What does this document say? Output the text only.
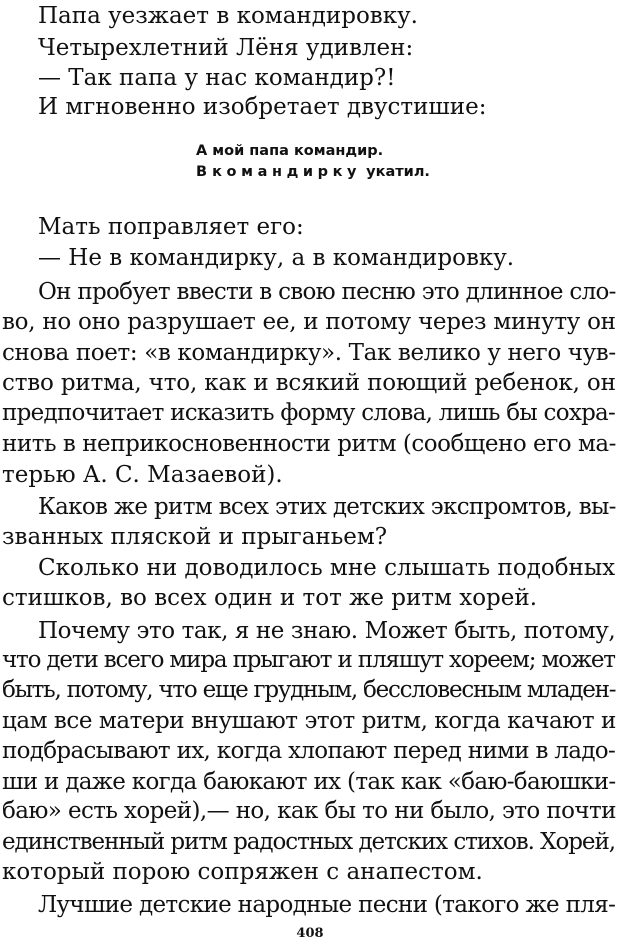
Папа уезжает в командировку.
Четырехлетний Лёня удивлен:
— Так папа у нас командир?!
И мгновенно изобретает двустишие:
А мой папа командир.
В командирку укатил.
Мать поправляет его:
— Не в командирку, а в командировку.
Он пробует ввести в свою песню это длинное сло-
во, но оно разрушает ее, и потому через минуту он
снова поет: «в командирку». Так велико у него чув-
ство ритма, что, как и всякий поющий ребенок, он
предпочитает исказить форму слова, лишь бы сохра-
нить в неприкосновенности ритм (сообщено его ма-
терью А. С. Мазаевой).
Каков же ритм всех этих детских экспромтов, вы-
званных пляской и прыганьем?
Сколько ни доводилось мне слышать подобных
стишков, во всех один и тот же ритм хорей.
Почему это так, я не знаю. Может быть, потому,
что дети всего мира прыгают и пляшут хореем; может
быть, потому, что еще грудным, бессловесным младен-
цам все матери внушают этот ритм, когда качают и
подбрасывают их, когда хлопают перед ними в ладо-
ши и даже когда баюкают их (так как «баю-баюшки-
баю» есть хорей),— но, как бы то ни было, это почти
единственный ритм радостных детских стихов. Хорей,
который порою сопряжен с анапестом.
Лучшие детские народные песни (такого же пля-
408
